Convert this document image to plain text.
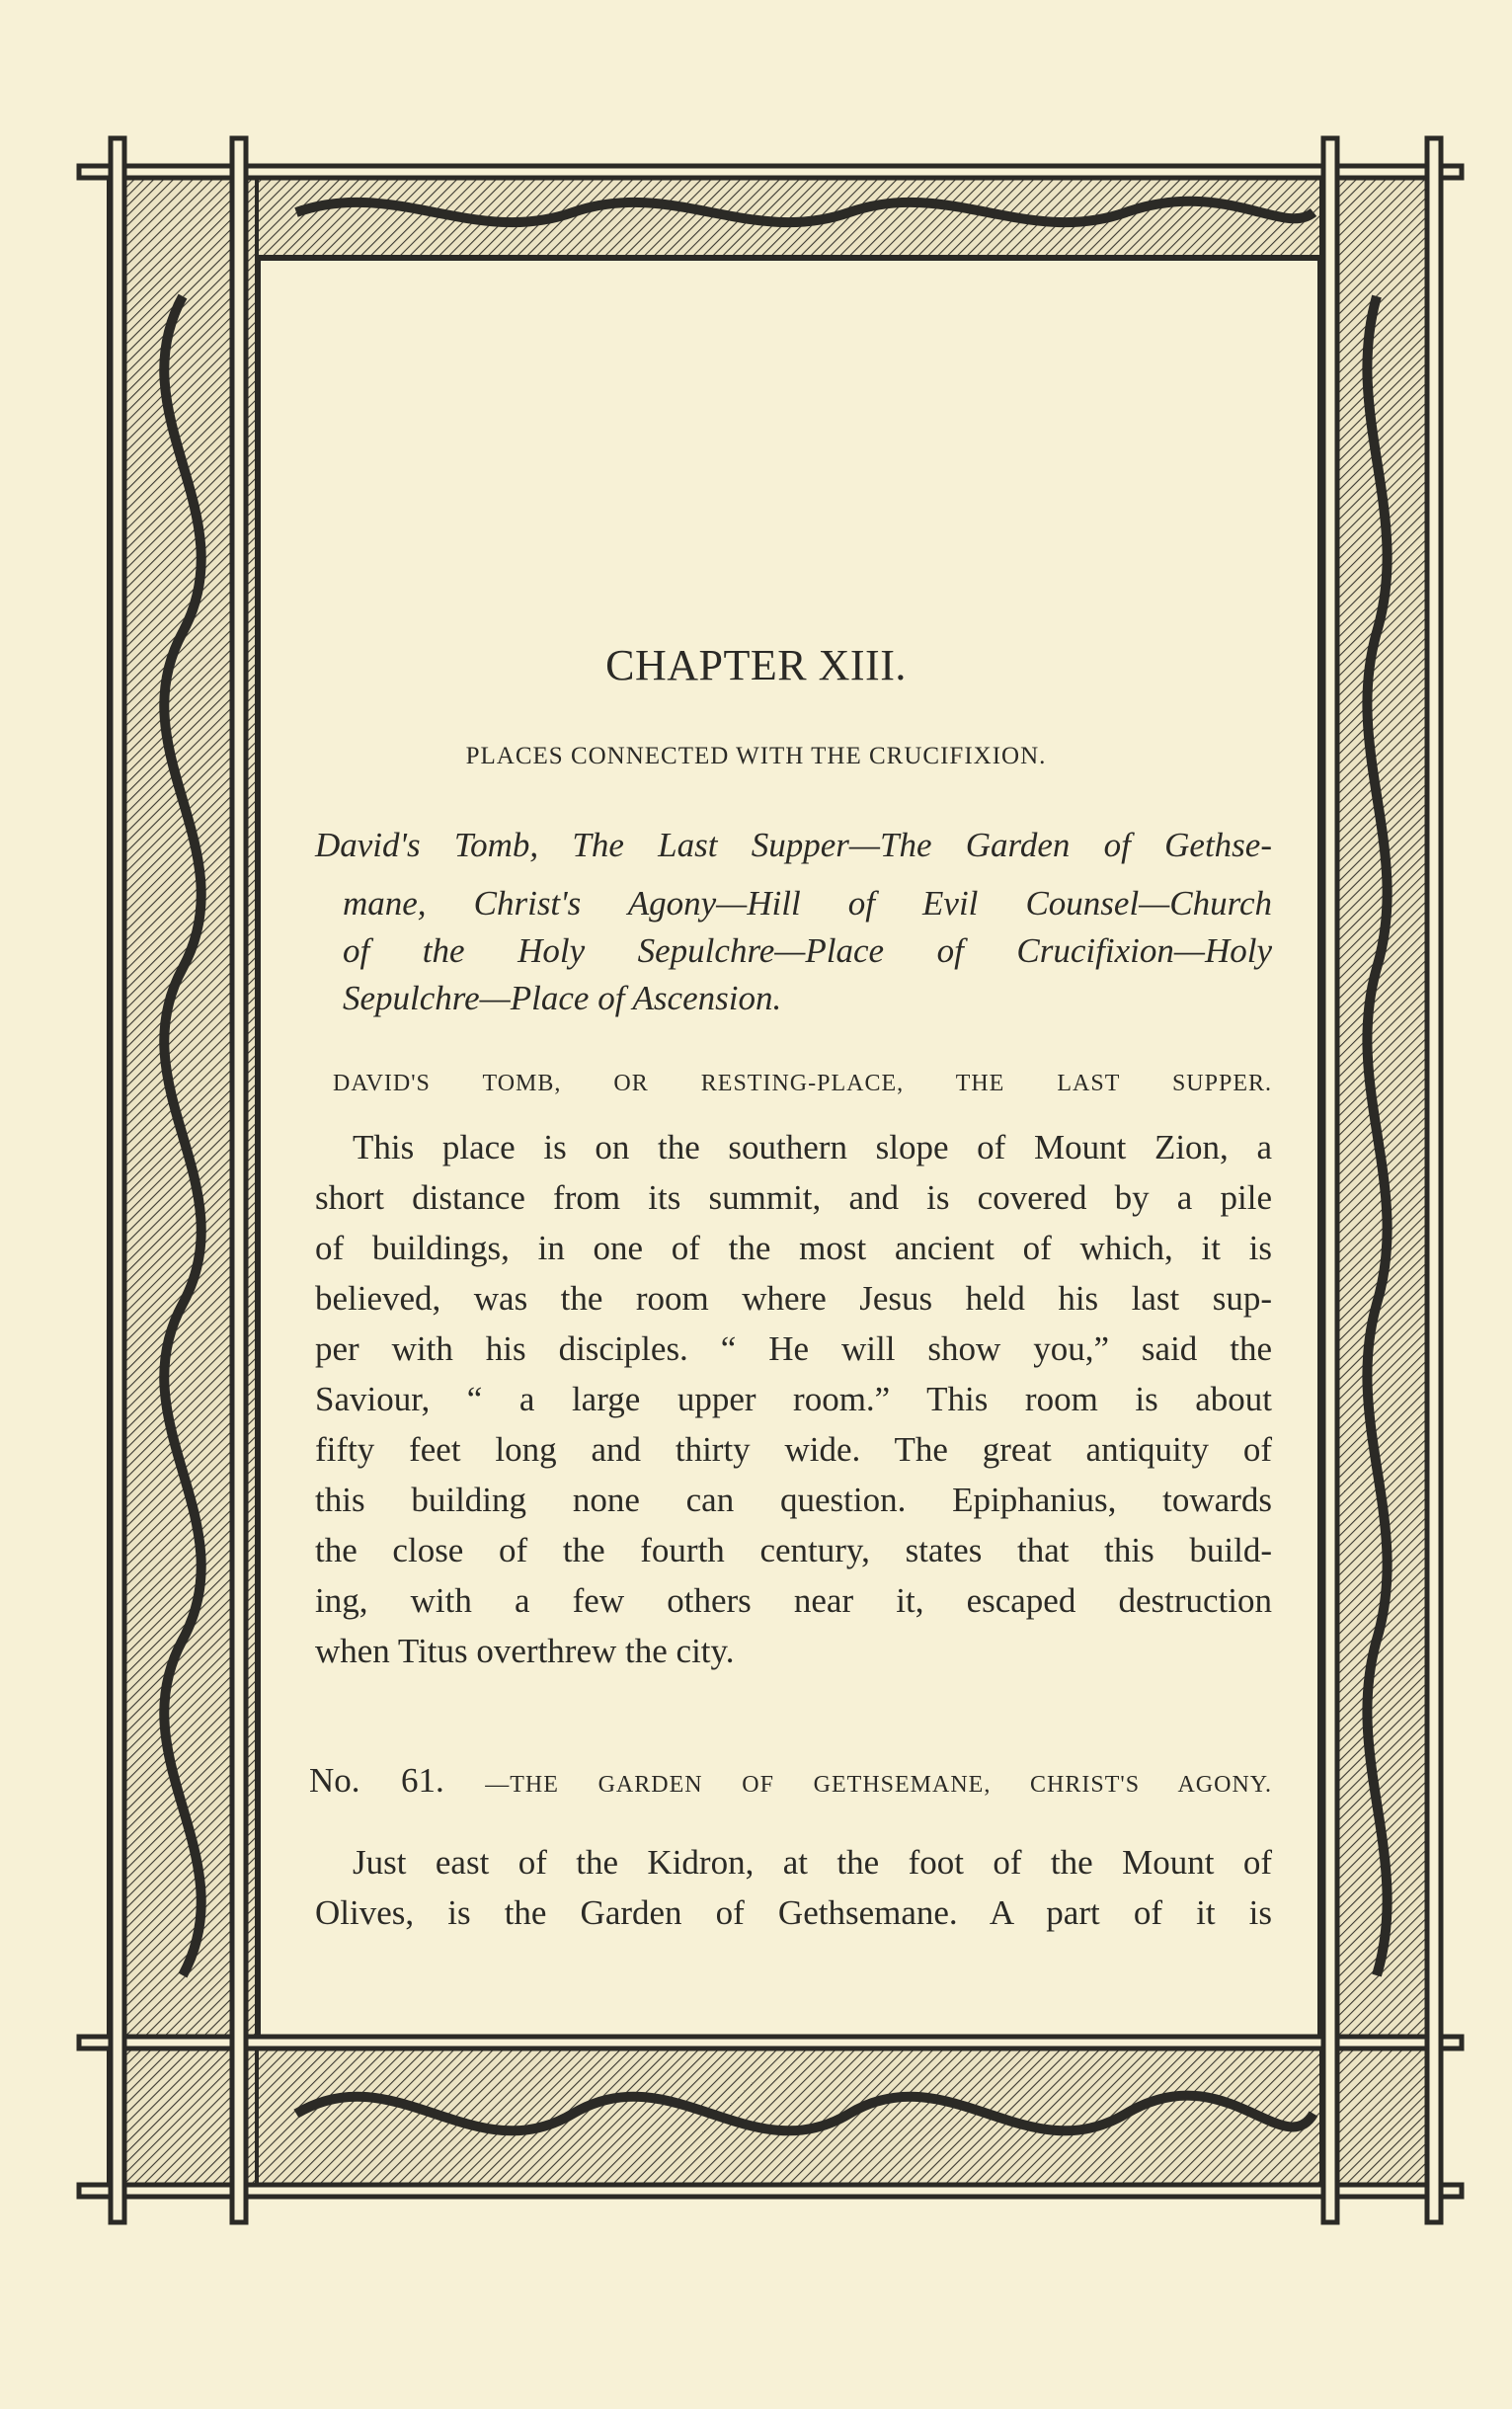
CHAPTER XIII.
PLACES CONNECTED WITH THE CRUCIFIXION.
David's Tomb, The Last Supper—The Garden of Gethse-
mane, Christ's Agony—Hill of Evil Counsel—Church
of the Holy Sepulchre—Place of Crucifixion—Holy
Sepulchre—Place of Ascension.
DAVID'S TOMB, OR RESTING-PLACE, THE LAST SUPPER.
This place is on the southern slope of Mount Zion, a
short distance from its summit, and is covered by a pile
of buildings, in one of the most ancient of which, it is
believed, was the room where Jesus held his last sup-
per with his disciples. “ He will show you,” said the
Saviour, “ a large upper room.” This room is about
fifty feet long and thirty wide. The great antiquity of
this building none can question. Epiphanius, towards
the close of the fourth century, states that this build-
ing, with a few others near it, escaped destruction
when Titus overthrew the city.
No. 61. —THE GARDEN OF GETHSEMANE, CHRIST'S AGONY.
Just east of the Kidron, at the foot of the Mount of
Olives, is the Garden of Gethsemane. A part of it is
